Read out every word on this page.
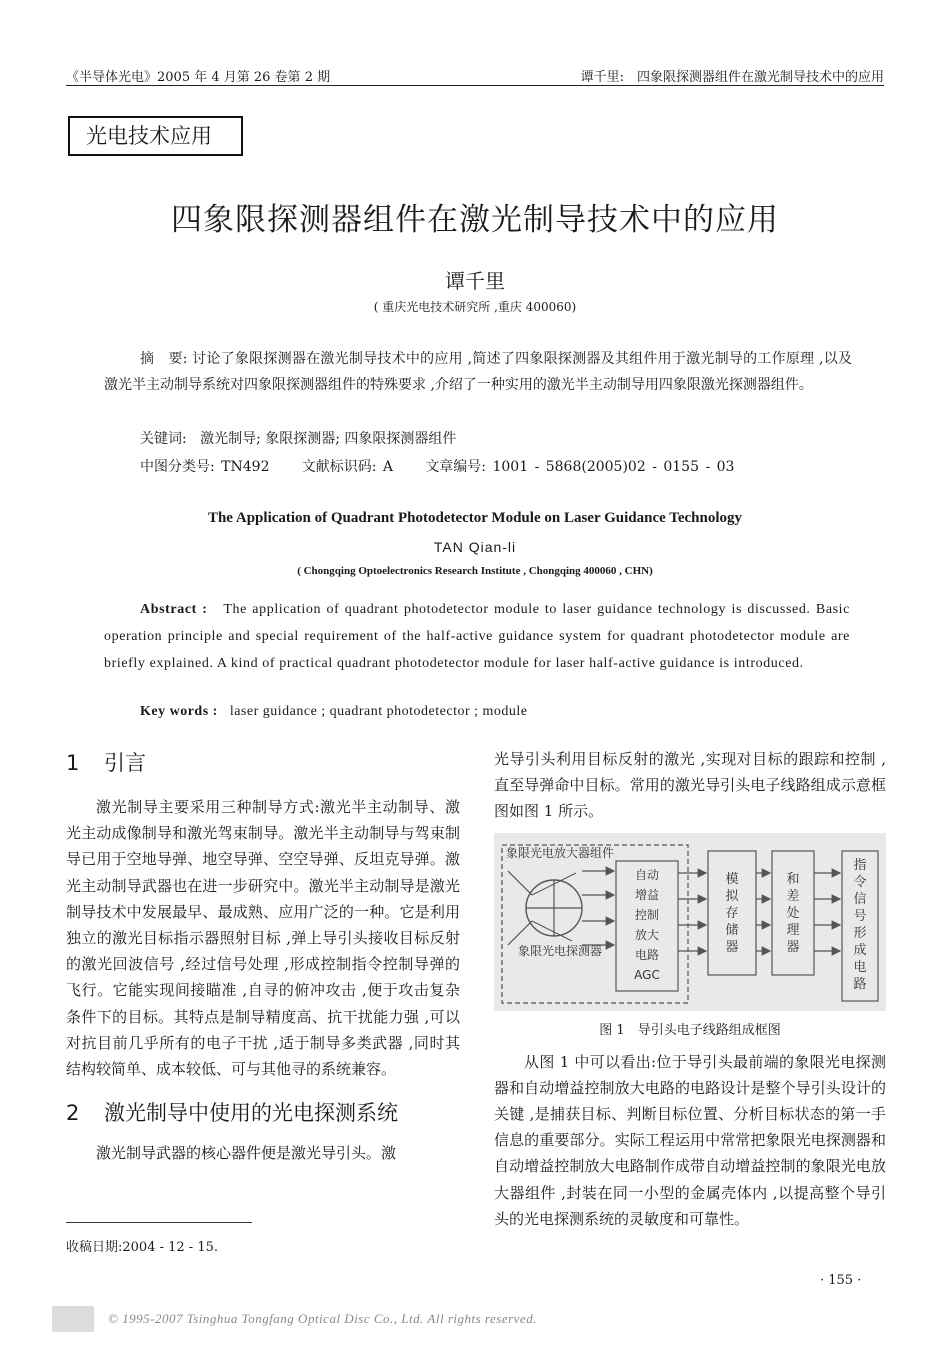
《半导体光电》2005 年 4 月第 26 卷第 2 期	谭千里:　四象限探测器组件在激光制导技术中的应用
光电技术应用
四象限探测器组件在激光制导技术中的应用
谭千里
( 重庆光电技术研究所 ,重庆 400060)
摘　要: 讨论了象限探测器在激光制导技术中的应用 ,简述了四象限探测器及其组件用于激光制导的工作原理 ,以及激光半主动制导系统对四象限探测器组件的特殊要求 ,介绍了一种实用的激光半主动制导用四象限激光探测器组件。
关键词: 激光制导; 象限探测器; 四象限探测器组件
中图分类号: TN492 文献标识码: A 文章编号: 1001 - 5868(2005)02 - 0155 - 03
The Application of Quadrant Photodetector Module on Laser Guidance Technology
TAN Qian-li
( Chongqing Optoelectronics Research Institute , Chongqing 400060 , CHN)
Abstract : The application of quadrant photodetector module to laser guidance technology is discussed. Basic operation principle and special requirement of the half-active guidance system for quadrant photodetector module are briefly explained. A kind of practical quadrant photodetector module for laser half-active guidance is introduced.
Key words : laser guidance ; quadrant photodetector ; module
1 引言

激光制导主要采用三种制导方式:激光半主动制导、激光主动成像制导和激光驾束制导。激光半主动制导与驾束制导已用于空地导弹、地空导弹、空空导弹、反坦克导弹。激光主动制导武器也在进一步研究中。激光半主动制导是激光制导技术中发展最早、最成熟、应用广泛的一种。它是利用独立的激光目标指示器照射目标 ,弹上导引头接收目标反射的激光回波信号 ,经过信号处理 ,形成控制指令控制导弹的飞行。它能实现间接瞄准 ,自寻的俯冲攻击 ,便于攻击复杂条件下的目标。其特点是制导精度高、抗干扰能力强 ,可以对抗目前几乎所有的电子干扰 ,适于制导多类武器 ,同时其结构较简单、成本较低、可与其他寻的系统兼容。

2 激光制导中使用的光电探测系统

激光制导武器的核心器件便是激光导引头。激

收稿日期:2004 - 12 - 15.

光导引头利用目标反射的激光 ,实现对目标的跟踪和控制 ,直至导弹命中目标。常用的激光导引头电子线路组成示意框图如图 1 所示。

象限光电放大器组件
象限光电探测器
自动
增益
控制
放大
电路
AGC
模
拟
存
储
器
和
差
处
理
器
指
令
信
号
形
成
电
路
图 1　导引头电子线路组成框图

从图 1 中可以看出:位于导引头最前端的象限光电探测器和自动增益控制放大电路的电路设计是整个导引头设计的关键 ,是捕获目标、判断目标位置、分析目标状态的第一手信息的重要部分。实际工程运用中常常把象限光电探测器和自动增益控制放大电路制作成带自动增益控制的象限光电放大器组件 ,封装在同一小型的金属壳体内 ,以提高整个导引头的光电探测系统的灵敏度和可靠性。

· 155 ·
© 1995-2007 Tsinghua Tongfang Optical Disc Co., Ltd. All rights reserved.
